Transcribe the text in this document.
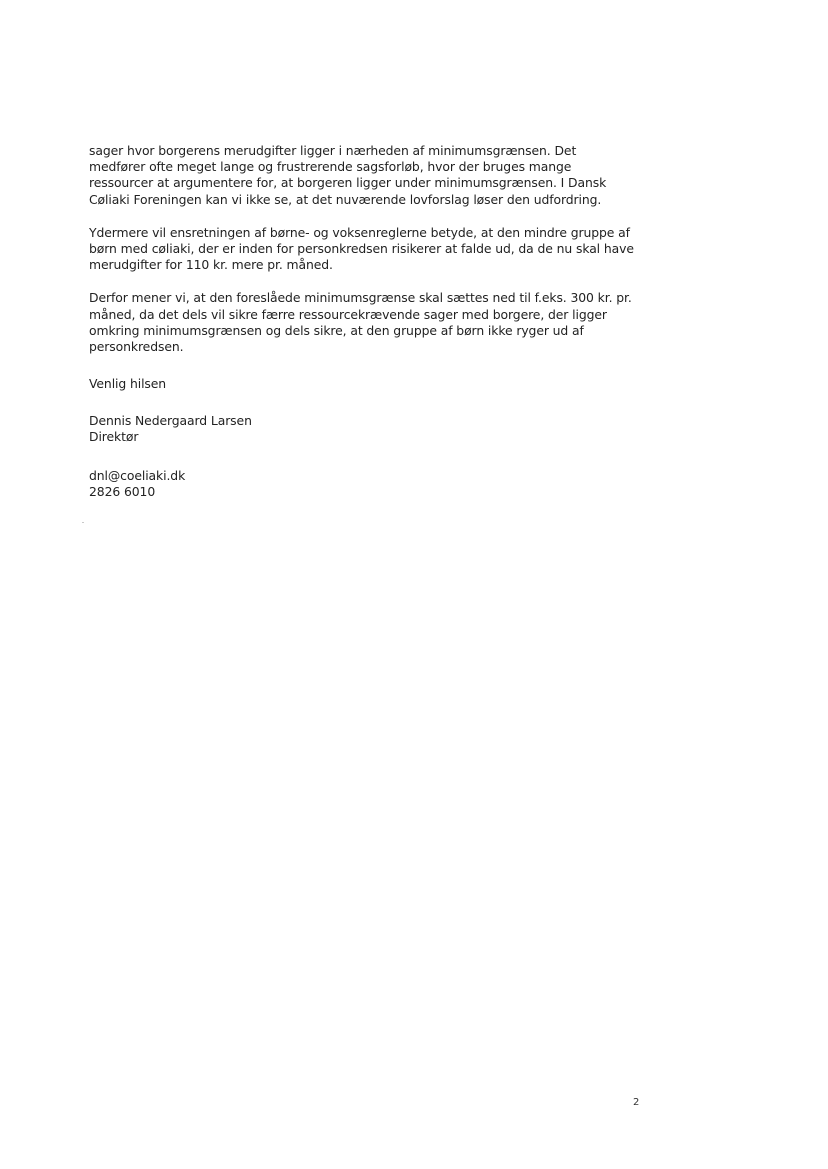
sager hvor borgerens merudgifter ligger i nærheden af minimumsgrænsen. Det
medfører ofte meget lange og frustrerende sagsforløb, hvor der bruges mange
ressourcer at argumentere for, at borgeren ligger under minimumsgrænsen. I Dansk
Cøliaki Foreningen kan vi ikke se, at det nuværende lovforslag løser den udfordring.

Ydermere vil ensretningen af børne- og voksenreglerne betyde, at den mindre gruppe af
børn med cøliaki, der er inden for personkredsen risikerer at falde ud, da de nu skal have
merudgifter for 110 kr. mere pr. måned.

Derfor mener vi, at den foreslåede minimumsgrænse skal sættes ned til f.eks. 300 kr. pr.
måned, da det dels vil sikre færre ressourcekrævende sager med borgere, der ligger
omkring minimumsgrænsen og dels sikre, at den gruppe af børn ikke ryger ud af
personkredsen.

Venlig hilsen
Dennis Nedergaard Larsen
Direktør
dnl@coeliaki.dk
2826 6010
2
